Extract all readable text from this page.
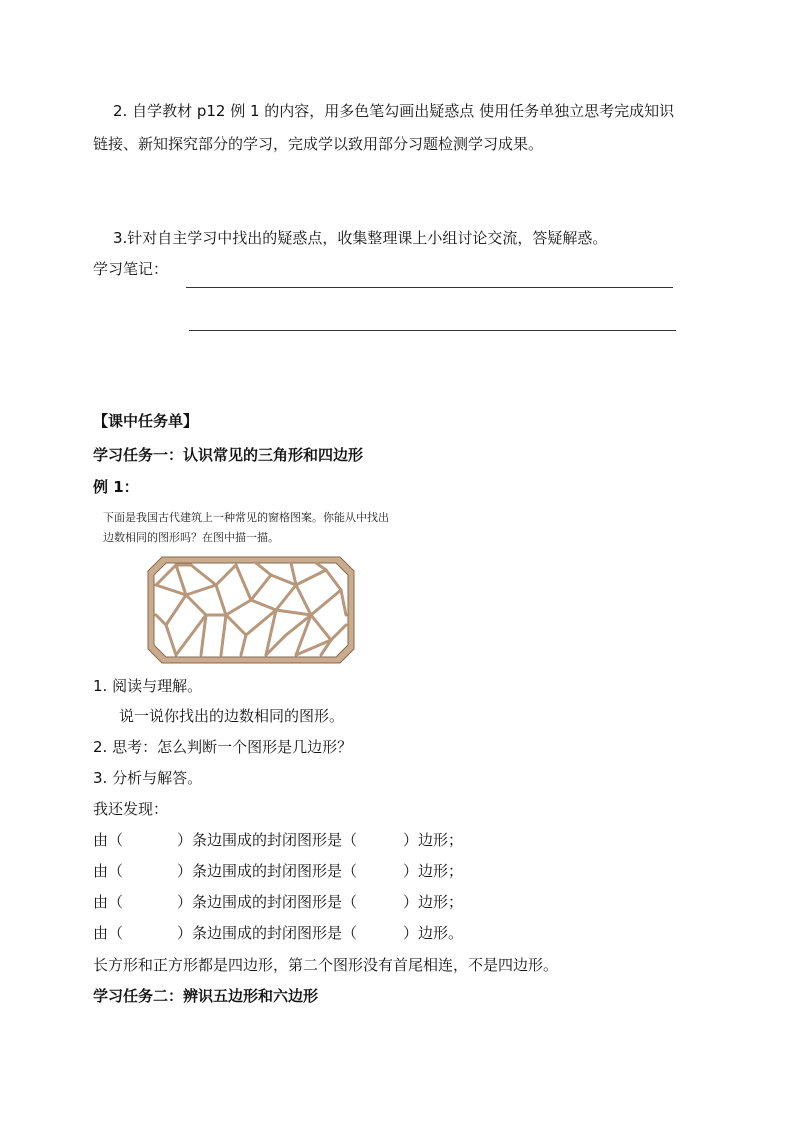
2. 自学教材 p12 例 1 的内容，用多色笔勾画出疑惑点 使用任务单独立思考完成知识
链接、新知探究部分的学习，完成学以致用部分习题检测学习成果。
3.针对自主学习中找出的疑惑点，收集整理课上小组讨论交流，答疑解惑。
学习笔记：
【课中任务单】
学习任务一：认识常见的三角形和四边形
例 1：
下面是我国古代建筑上一种常见的窗格图案。你能从中找出
边数相同的图形吗？在图中描一描。
1. 阅读与理解。
说一说你找出的边数相同的图形。
2. 思考：怎么判断一个图形是几边形？
3. 分析与解答。
我还发现：
由（	）条边围成的封闭图形是（	）边形；
由（	）条边围成的封闭图形是（	）边形；
由（	）条边围成的封闭图形是（	）边形；
由（	）条边围成的封闭图形是（	）边形。
长方形和正方形都是四边形，第二个图形没有首尾相连，不是四边形。
学习任务二：辨识五边形和六边形
